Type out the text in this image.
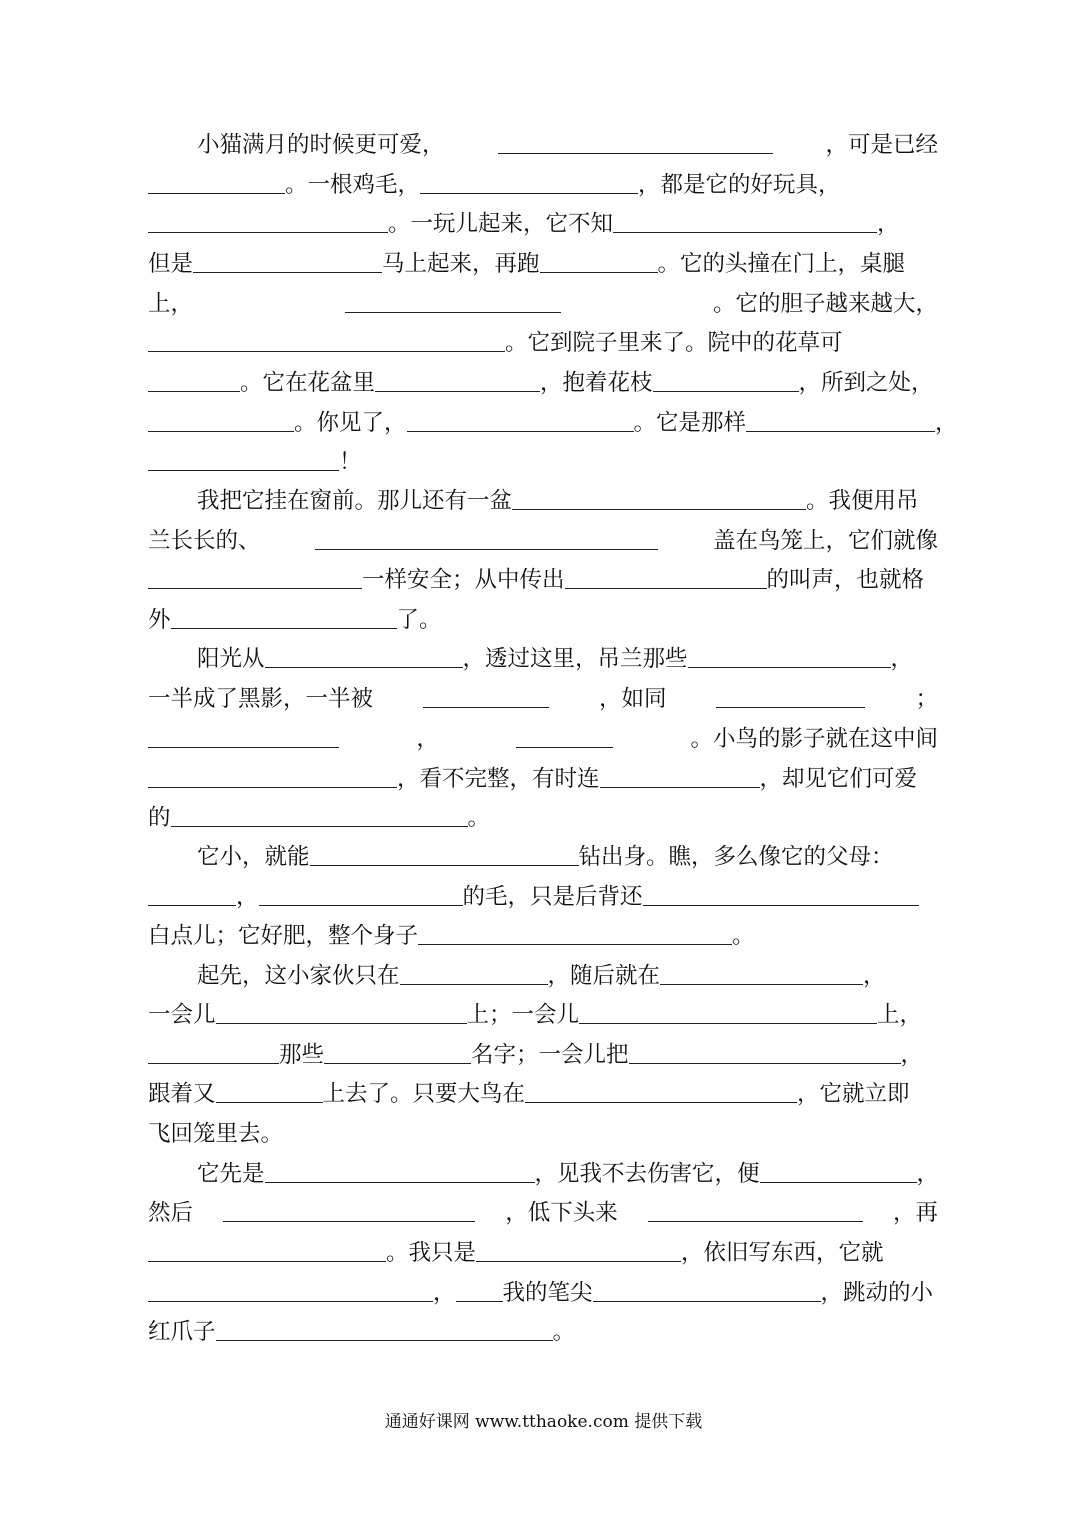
小猫满月的时候更可爱，	，可是已经
。一根鸡毛，	，都是它的好玩具，
。一玩儿起来，它不知	，
但是	马上起来，再跑	。它的头撞在门上，桌腿
上，	。它的胆子越来越大，
。它到院子里来了。院中的花草可
。它在花盆里	，抱着花枝	，所到之处，
。你见了，	。它是那样	，
！
我把它挂在窗前。那儿还有一盆	。我便用吊
兰长长的、	盖在鸟笼上，它们就像
一样安全；从中传出	的叫声，也就格
外	了。
阳光从	，透过这里，吊兰那些	，
一半成了黑影，一半被	，如同	；
，	。小鸟的影子就在这中间
，看不完整，有时连	，却见它们可爱
的	。
它小，就能	钻出身。瞧，多么像它的父母：
，	的毛，只是后背还
白点儿；它好肥，整个身子	。
起先，这小家伙只在	，随后就在	，
一会儿	上；一会儿	上，
那些	名字；一会儿把	，
跟着又	上去了。只要大鸟在	，它就立即
飞回笼里去。
它先是	，见我不去伤害它，便	，
然后	，低下头来	，再
。我只是	，依旧写东西，它就
， 我的笔尖	，跳动的小
红爪子	。
通通好课网 www.tthaoke.com 提供下载
